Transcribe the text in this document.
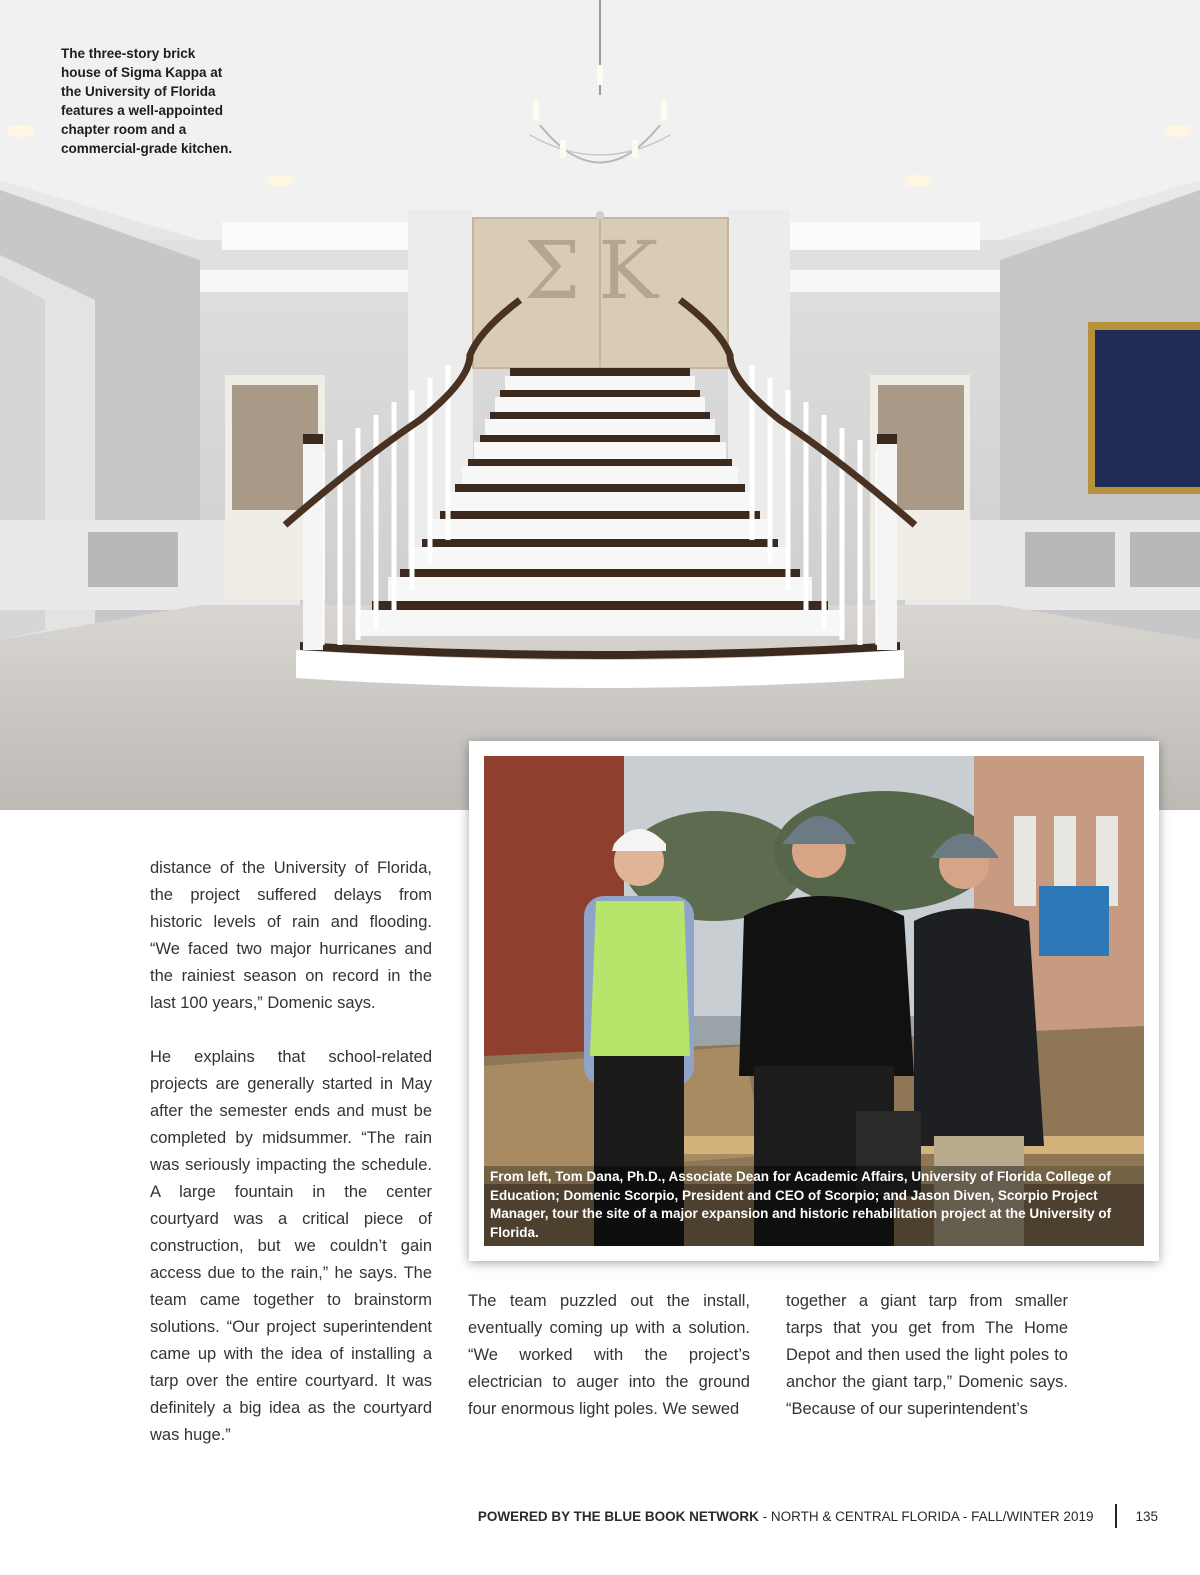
ΣΚ
The three-story brick
house of Sigma Kappa at
the University of Florida
features a well-appointed
chapter room and a
commercial-grade kitchen.
From left, Tom Dana, Ph.D., Associate Dean for Academic Affairs, University of Florida College of Education; Domenic Scorpio, President and CEO of Scorpio; and Jason Diven, Scorpio Project Manager, tour the site of a major expansion and historic rehabilitation project at the University of Florida.

distance of the University of Florida, the project suffered delays from historic levels of rain and flooding. “We faced two major hurricanes and the rainiest season on record in the last 100 years,” Domenic says.

He explains that school-related projects are generally started in May after the semester ends and must be completed by midsummer. “The rain was seriously impacting the schedule. A large fountain in the center courtyard was a critical piece of construction, but we couldn’t gain access due to the rain,” he says. The team came together to brainstorm solutions. “Our project superintendent came up with the idea of installing a tarp over the entire courtyard. It was definitely a big idea as the courtyard was huge.”

The team puzzled out the install, eventually coming up with a solution. “We worked with the project’s electrician to auger into the ground four enormous light poles. We sewed

together a giant tarp from smaller tarps that you get from The Home Depot and then used the light poles to anchor the giant tarp,” Domenic says. “Because of our superintendent’s

POWERED BY THE BLUE BOOK NETWORK - NORTH & CENTRAL FLORIDA - FALL/WINTER 2019	135
